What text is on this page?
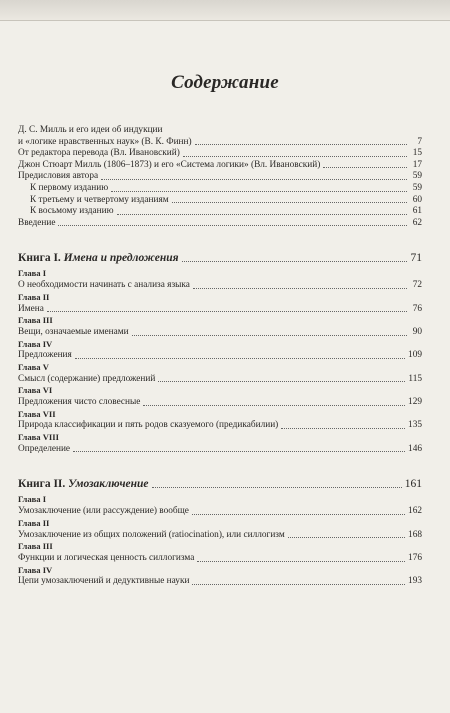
Содержание
Д. С. Милль и его идеи об индукции
и «логике нравственных наук» (В. К. Финн)	7
От редактора перевода (Вл. Ивановский)	15
Джон Стюарт Милль (1806–1873) и его «Система логики» (Вл. Ивановский)	17
Предисловия автора	59
К первому изданию	59
К третьему и четвертому изданиям	60
К восьмому изданию	61
Введение	62
Книга I. Имена и предложения	71
Глава I
О необходимости начинать с анализа языка	72
Глава II
Имена	76
Глава III
Вещи, означаемые именами	90
Глава IV
Предложения	109
Глава V
Смысл (содержание) предложений	115
Глава VI
Предложения чисто словесные	129
Глава VII
Природа классификации и пять родов сказуемого (предикабилии)	135
Глава VIII
Определение	146
Книга II. Умозаключение	161
Глава I
Умозаключение (или рассуждение) вообще	162
Глава II
Умозаключение из общих положений (ratiocination), или силлогизм	168
Глава III
Функции и логическая ценность силлогизма	176
Глава IV
Цепи умозаключений и дедуктивные науки	193
